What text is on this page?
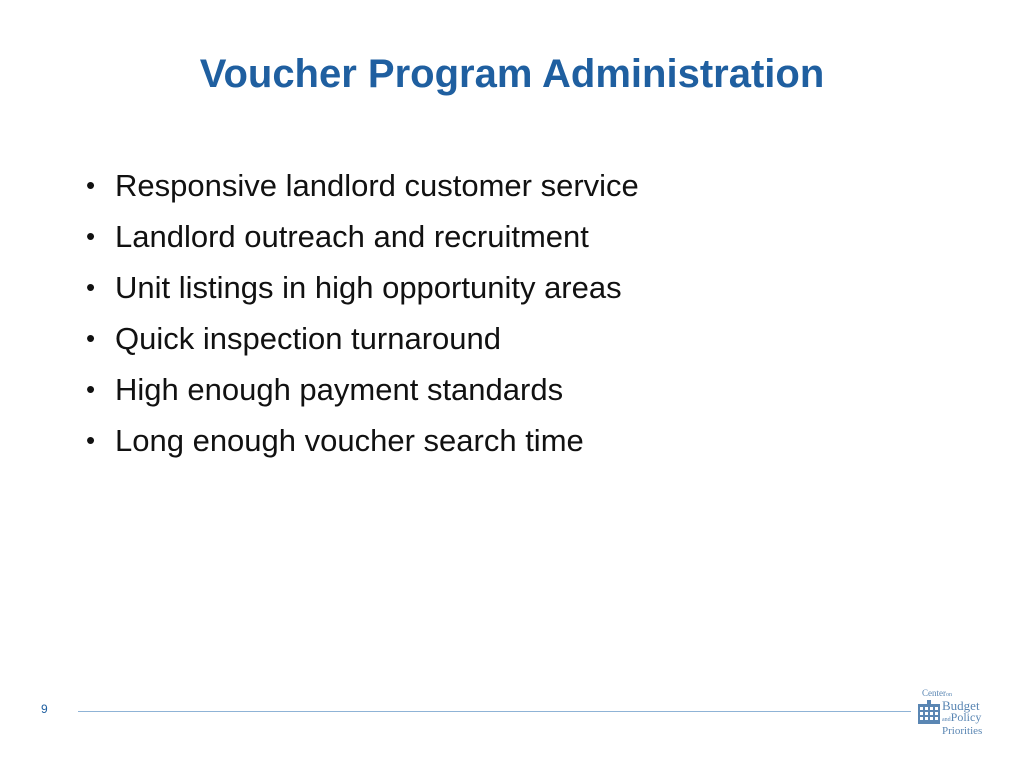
Voucher Program Administration
• Responsive landlord customer service
• Landlord outreach and recruitment
• Unit listings in high opportunity areas
• Quick inspection turnaround
• High enough payment standards
• Long enough voucher search time
9
Centeron
Budget
andPolicy
Priorities
